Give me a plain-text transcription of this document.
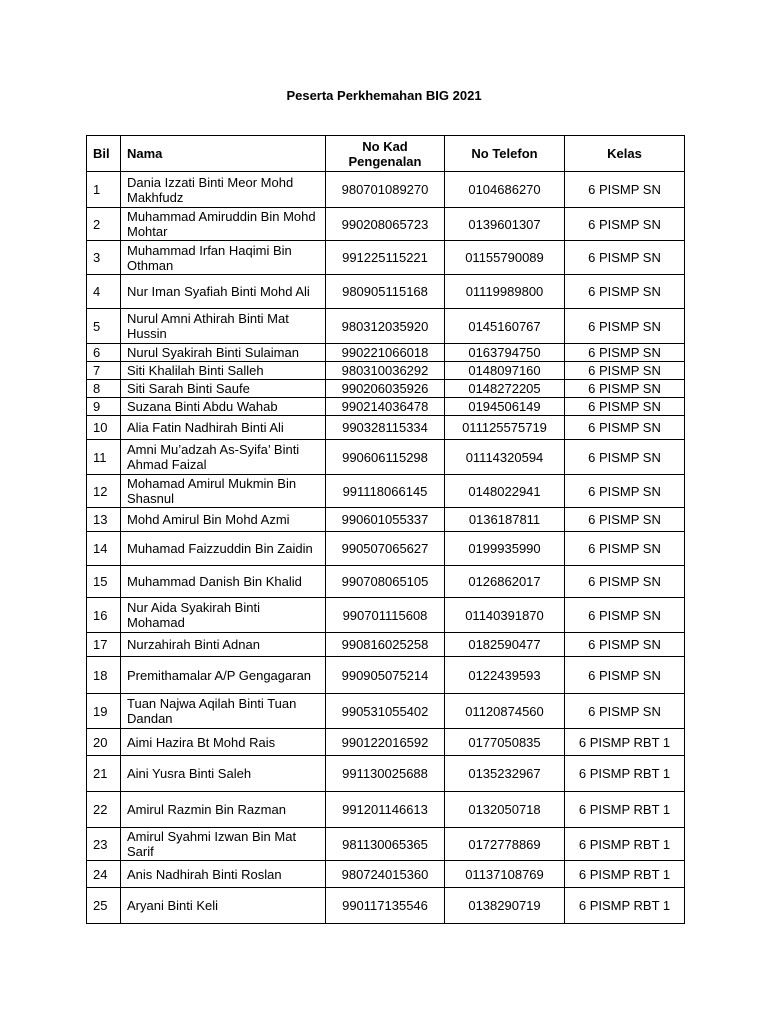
Peserta Perkhemahan BIG 2021
Bil	Nama	No Kad Pengenalan	No Telefon	Kelas
1	Dania Izzati Binti Meor Mohd Makhfudz	980701089270	0104686270	6 PISMP SN
2	Muhammad Amiruddin Bin Mohd Mohtar	990208065723	0139601307	6 PISMP SN
3	Muhammad Irfan Haqimi Bin Othman	991225115221	01155790089	6 PISMP SN
4	Nur Iman Syafiah Binti Mohd Ali	980905115168	01119989800	6 PISMP SN
5	Nurul Amni Athirah Binti Mat Hussin	980312035920	0145160767	6 PISMP SN
6	Nurul Syakirah Binti Sulaiman	990221066018	0163794750	6 PISMP SN
7	Siti Khalilah Binti Salleh	980310036292	0148097160	6 PISMP SN
8	Siti Sarah Binti Saufe	990206035926	0148272205	6 PISMP SN
9	Suzana Binti Abdu Wahab	990214036478	0194506149	6 PISMP SN
10	Alia Fatin Nadhirah Binti Ali	990328115334	011125575719	6 PISMP SN
11	Amni Mu’adzah As-Syifa’ Binti Ahmad Faizal	990606115298	01114320594	6 PISMP SN
12	Mohamad Amirul Mukmin Bin Shasnul	991118066145	0148022941	6 PISMP SN
13	Mohd Amirul Bin Mohd Azmi	990601055337	0136187811	6 PISMP SN
14	Muhamad Faizzuddin Bin Zaidin	990507065627	0199935990	6 PISMP SN
15	Muhammad Danish Bin Khalid	990708065105	0126862017	6 PISMP SN
16	Nur Aida Syakirah Binti Mohamad	990701115608	01140391870	6 PISMP SN
17	Nurzahirah Binti Adnan	990816025258	0182590477	6 PISMP SN
18	Premithamalar A/P Gengagaran	990905075214	0122439593	6 PISMP SN
19	Tuan Najwa Aqilah Binti Tuan Dandan	990531055402	01120874560	6 PISMP SN
20	Aimi Hazira Bt Mohd Rais	990122016592	0177050835	6 PISMP RBT 1
21	Aini Yusra Binti Saleh	991130025688	0135232967	6 PISMP RBT 1
22	Amirul Razmin Bin Razman	991201146613	0132050718	6 PISMP RBT 1
23	Amirul Syahmi Izwan Bin Mat Sarif	981130065365	0172778869	6 PISMP RBT 1
24	Anis Nadhirah Binti Roslan	980724015360	01137108769	6 PISMP RBT 1
25	Aryani Binti Keli	990117135546	0138290719	6 PISMP RBT 1
